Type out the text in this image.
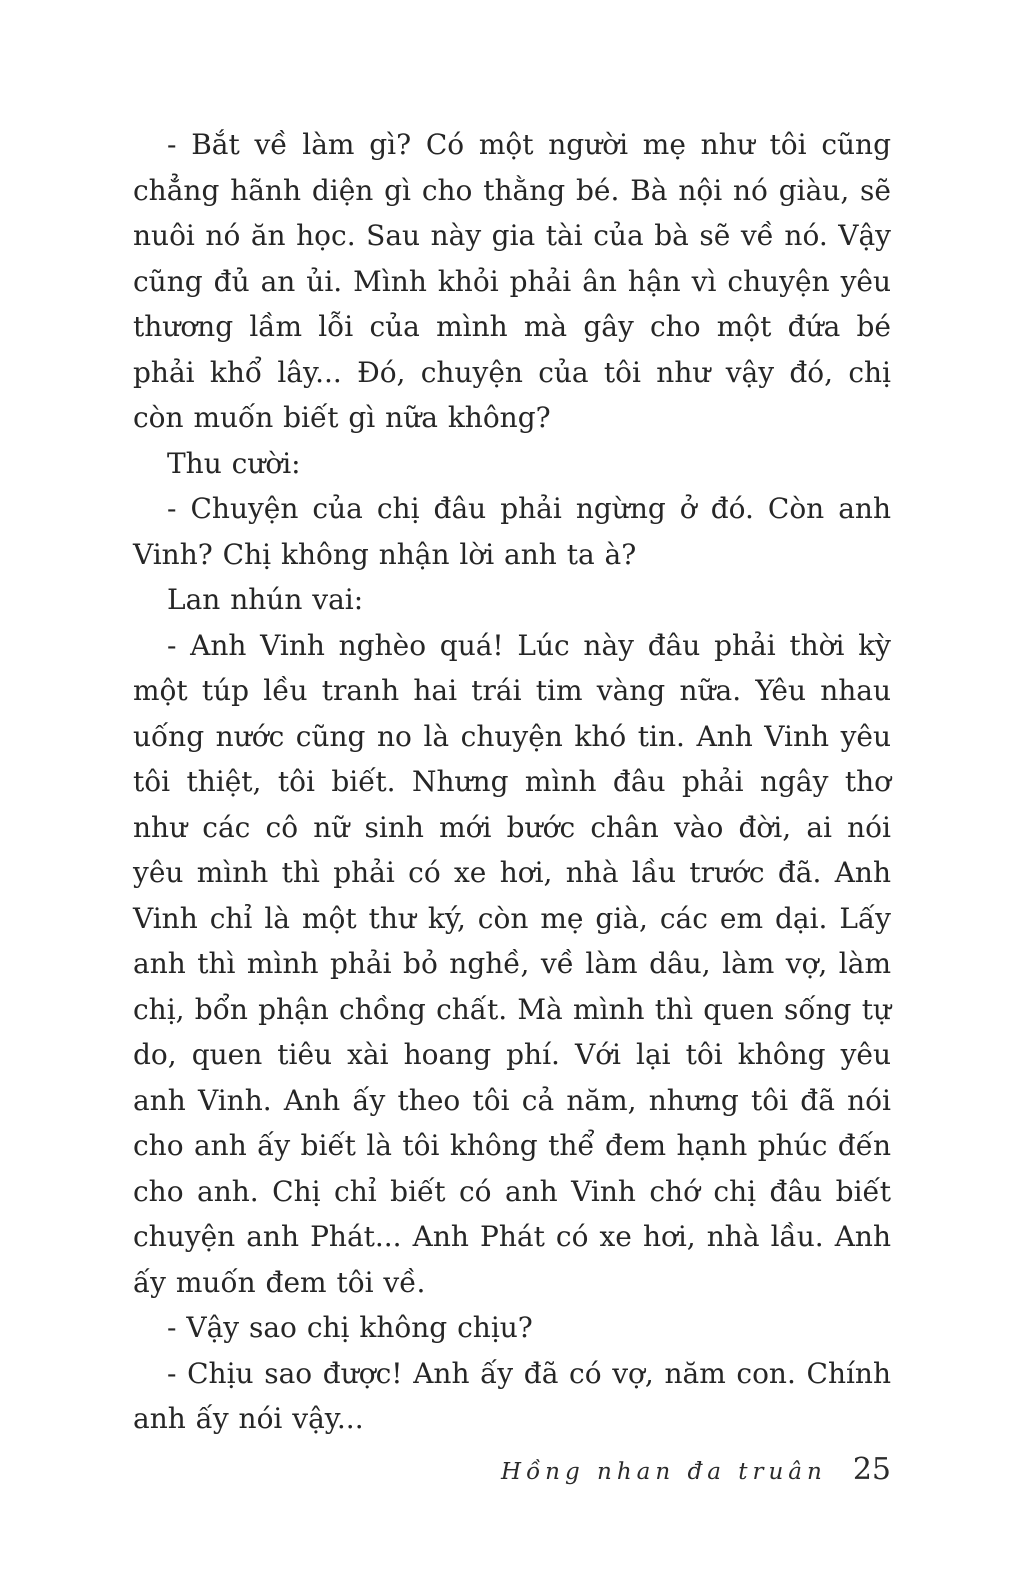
- Bắt về làm gì? Có một người mẹ như tôi cũng chẳng hãnh diện gì cho thằng bé. Bà nội nó giàu, sẽ nuôi nó ăn học. Sau này gia tài của bà sẽ về nó. Vậy cũng đủ an ủi. Mình khỏi phải ân hận vì chuyện yêu thương lầm lỗi của mình mà gây cho một đứa bé phải khổ lây... Đó, chuyện của tôi như vậy đó, chị còn muốn biết gì nữa không?

Thu cười:

- Chuyện của chị đâu phải ngừng ở đó. Còn anh Vinh? Chị không nhận lời anh ta à?

Lan nhún vai:

- Anh Vinh nghèo quá! Lúc này đâu phải thời kỳ một túp lều tranh hai trái tim vàng nữa. Yêu nhau uống nước cũng no là chuyện khó tin. Anh Vinh yêu tôi thiệt, tôi biết. Nhưng mình đâu phải ngây thơ như các cô nữ sinh mới bước chân vào đời, ai nói yêu mình thì phải có xe hơi, nhà lầu trước đã. Anh Vinh chỉ là một thư ký, còn mẹ già, các em dại. Lấy anh thì mình phải bỏ nghề, về làm dâu, làm vợ, làm chị, bổn phận chồng chất. Mà mình thì quen sống tự do, quen tiêu xài hoang phí. Với lại tôi không yêu anh Vinh. Anh ấy theo tôi cả năm, nhưng tôi đã nói cho anh ấy biết là tôi không thể đem hạnh phúc đến cho anh. Chị chỉ biết có anh Vinh chớ chị đâu biết chuyện anh Phát... Anh Phát có xe hơi, nhà lầu. Anh ấy muốn đem tôi về.

- Vậy sao chị không chịu?

- Chịu sao được! Anh ấy đã có vợ, năm con. Chính anh ấy nói vậy...

Hồng nhan đa truân 25
